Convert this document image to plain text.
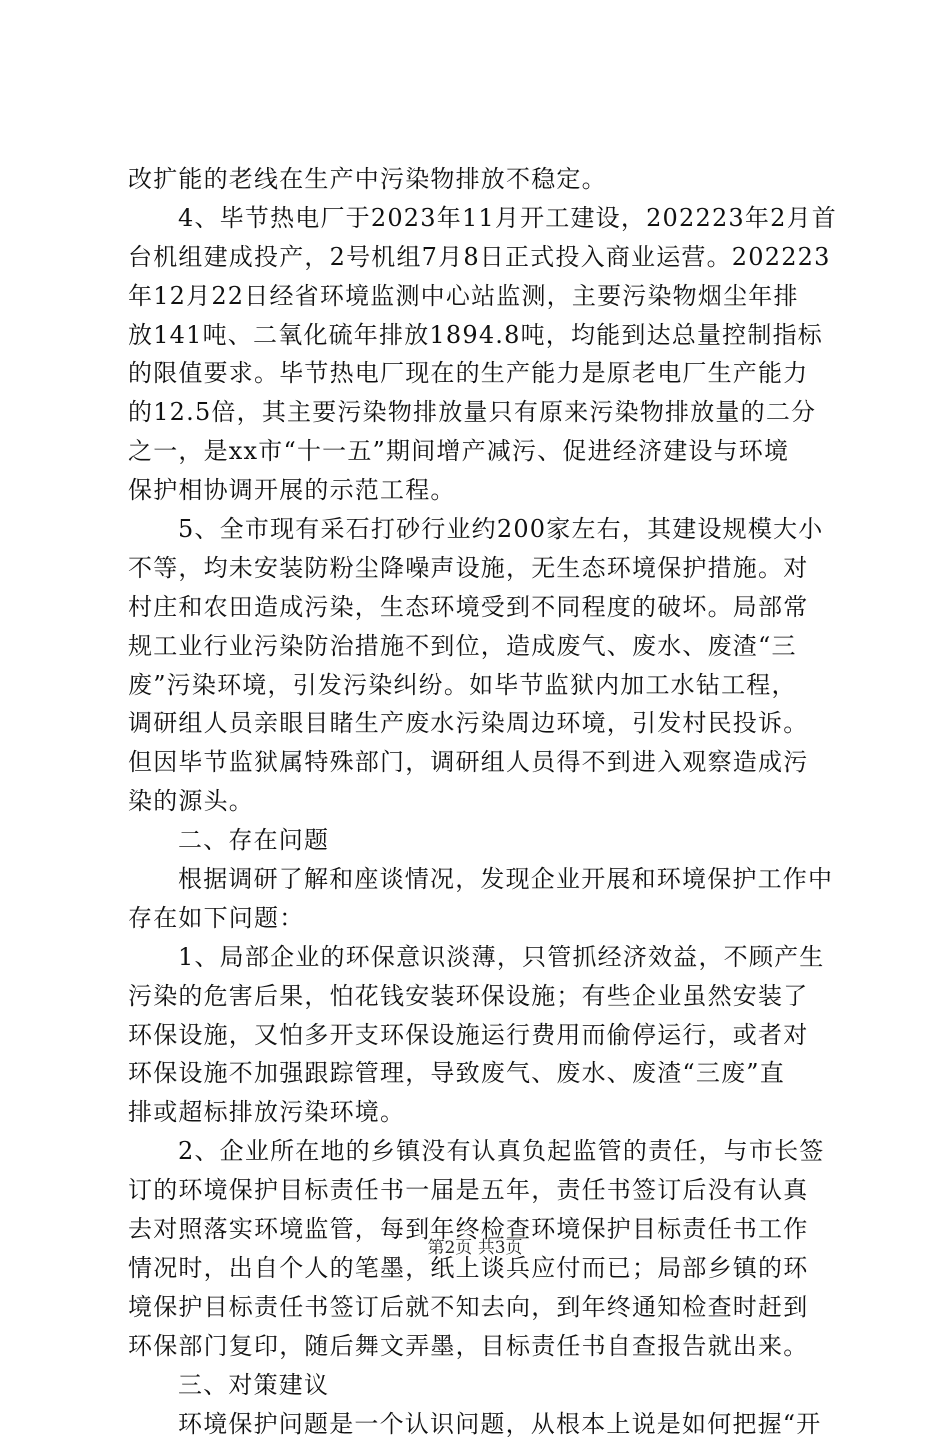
改扩能的老线在生产中污染物排放不稳定。
4、毕节热电厂于2023年11月开工建设，202223年2月首
台机组建成投产，2号机组7月8日正式投入商业运营。202223
年12月22日经省环境监测中心站监测，主要污染物烟尘年排
放141吨、二氧化硫年排放1894.8吨，均能到达总量控制指标
的限值要求。毕节热电厂现在的生产能力是原老电厂生产能力
的12.5倍，其主要污染物排放量只有原来污染物排放量的二分
之一，是xx市“十一五”期间增产减污、促进经济建设与环境
保护相协调开展的示范工程。
5、全市现有采石打砂行业约200家左右，其建设规模大小
不等，均未安装防粉尘降噪声设施，无生态环境保护措施。对
村庄和农田造成污染，生态环境受到不同程度的破坏。局部常
规工业行业污染防治措施不到位，造成废气、废水、废渣“三
废”污染环境，引发污染纠纷。如毕节监狱内加工水钻工程，
调研组人员亲眼目睹生产废水污染周边环境，引发村民投诉。
但因毕节监狱属特殊部门，调研组人员得不到进入观察造成污
染的源头。
二、存在问题
根据调研了解和座谈情况，发现企业开展和环境保护工作中
存在如下问题：
1、局部企业的环保意识淡薄，只管抓经济效益，不顾产生
污染的危害后果，怕花钱安装环保设施；有些企业虽然安装了
环保设施，又怕多开支环保设施运行费用而偷停运行，或者对
环保设施不加强跟踪管理，导致废气、废水、废渣“三废”直
排或超标排放污染环境。
2、企业所在地的乡镇没有认真负起监管的责任，与市长签
订的环境保护目标责任书一届是五年，责任书签订后没有认真
去对照落实环境监管，每到年终检查环境保护目标责任书工作
情况时，出自个人的笔墨，纸上谈兵应付而已；局部乡镇的环
境保护目标责任书签订后就不知去向，到年终通知检查时赶到
环保部门复印，随后舞文弄墨，目标责任书自查报告就出来。
三、对策建议
环境保护问题是一个认识问题，从根本上说是如何把握“开
第2页 共3页
